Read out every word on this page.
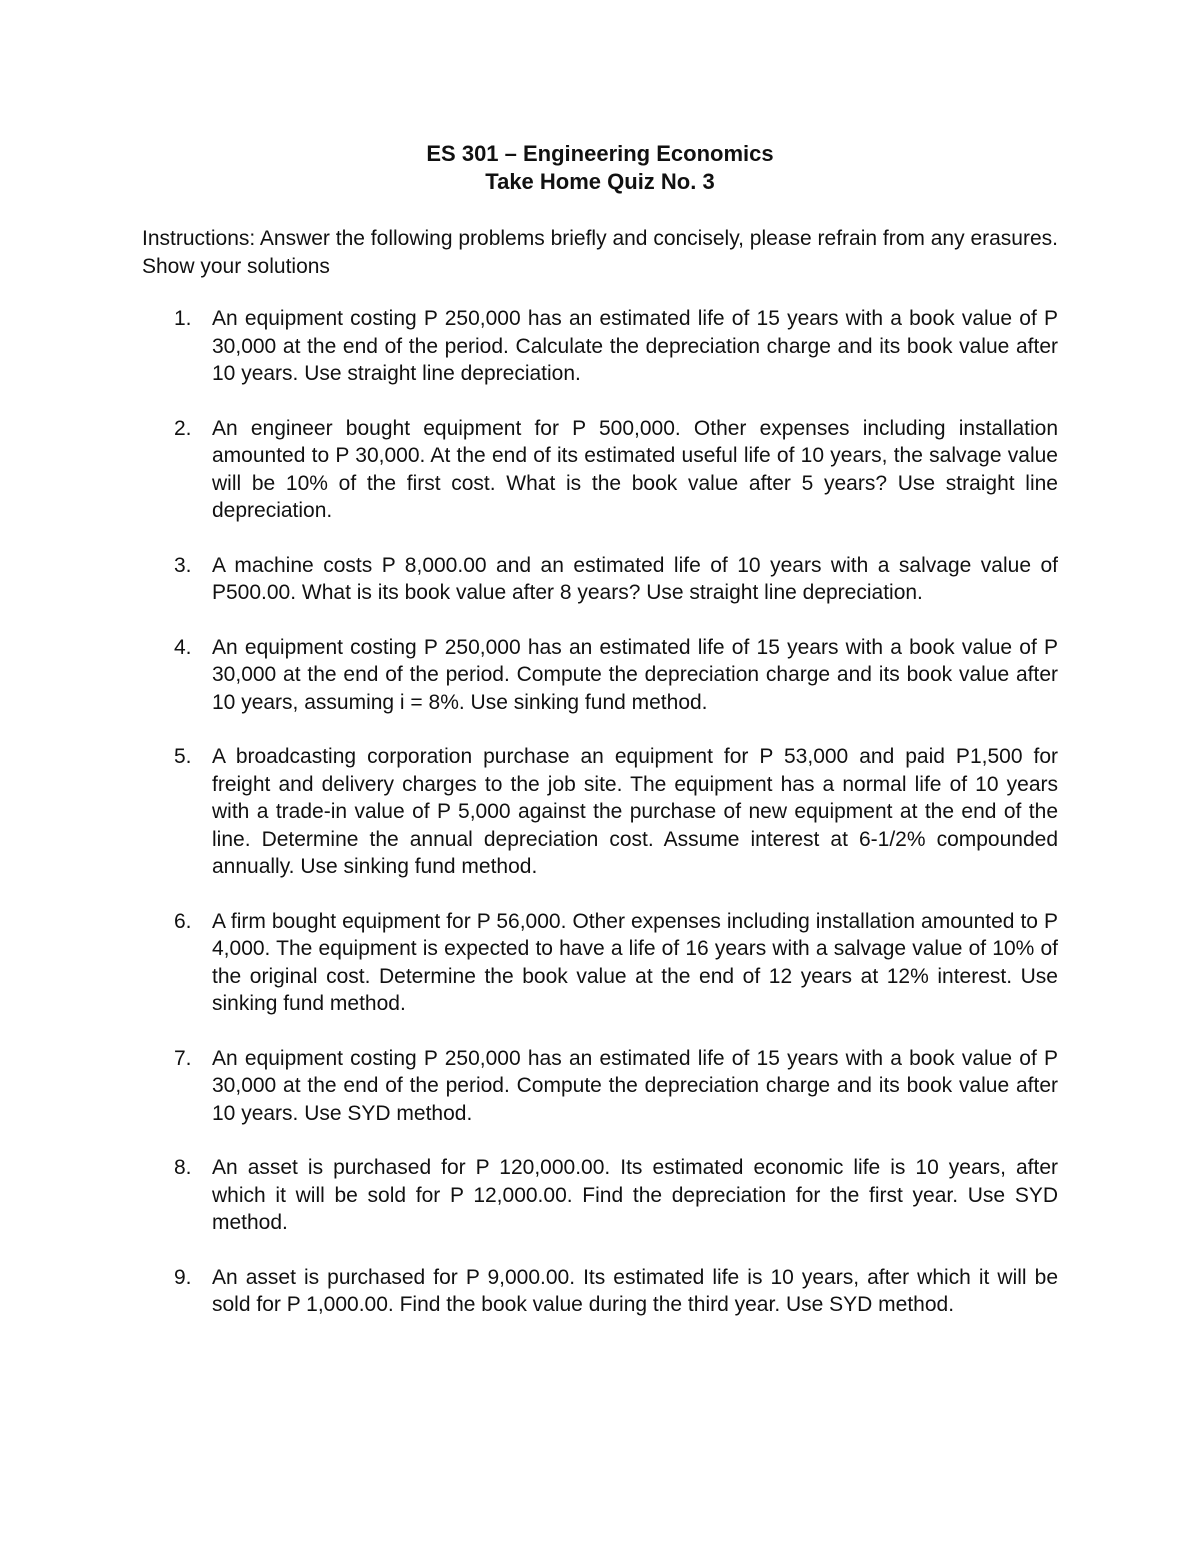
ES 301 – Engineering Economics
Take Home Quiz No. 3
Instructions: Answer the following problems briefly and concisely, please refrain from any erasures. Show your solutions
1. An equipment costing P 250,000 has an estimated life of 15 years with a book value of P 30,000 at the end of the period. Calculate the depreciation charge and its book value after 10 years. Use straight line depreciation.
2. An engineer bought equipment for P 500,000. Other expenses including installation amounted to P 30,000. At the end of its estimated useful life of 10 years, the salvage value will be 10% of the first cost. What is the book value after 5 years? Use straight line depreciation.
3. A machine costs P 8,000.00 and an estimated life of 10 years with a salvage value of P500.00. What is its book value after 8 years? Use straight line depreciation.
4. An equipment costing P 250,000 has an estimated life of 15 years with a book value of P 30,000 at the end of the period. Compute the depreciation charge and its book value after 10 years, assuming i = 8%. Use sinking fund method.
5. A broadcasting corporation purchase an equipment for P 53,000 and paid P1,500 for freight and delivery charges to the job site. The equipment has a normal life of 10 years with a trade-in value of P 5,000 against the purchase of new equipment at the end of the line. Determine the annual depreciation cost. Assume interest at 6-1/2% compounded annually. Use sinking fund method.
6. A firm bought equipment for P 56,000. Other expenses including installation amounted to P 4,000. The equipment is expected to have a life of 16 years with a salvage value of 10% of the original cost. Determine the book value at the end of 12 years at 12% interest. Use sinking fund method.
7. An equipment costing P 250,000 has an estimated life of 15 years with a book value of P 30,000 at the end of the period. Compute the depreciation charge and its book value after 10 years. Use SYD method.
8. An asset is purchased for P 120,000.00. Its estimated economic life is 10 years, after which it will be sold for P 12,000.00. Find the depreciation for the first year. Use SYD method.
9. An asset is purchased for P 9,000.00. Its estimated life is 10 years, after which it will be sold for P 1,000.00. Find the book value during the third year. Use SYD method.
